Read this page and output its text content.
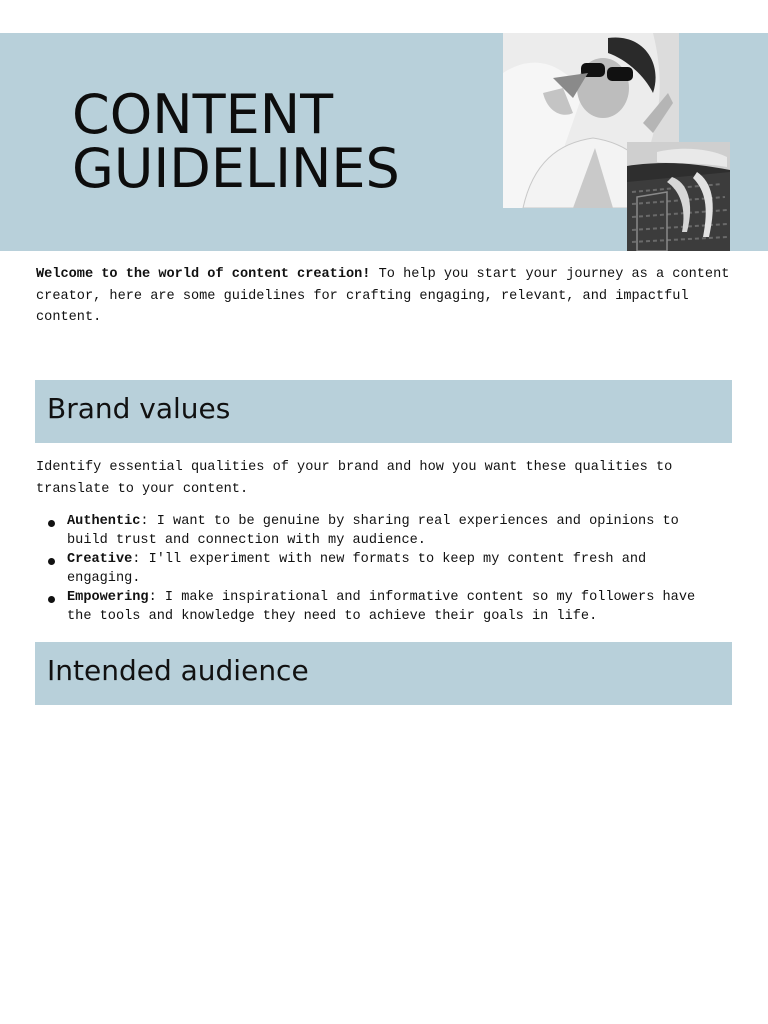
CONTENT
GUIDELINES

Welcome to the world of content creation! To help you start your journey as a content creator, here are some guidelines for crafting engaging, relevant, and impactful content.

Brand values

Identify essential qualities of your brand and how you want these qualities to translate to your content.

Authentic: I want to be genuine by sharing real experiences and opinions to build trust and connection with my audience.
Creative: I'll experiment with new formats to keep my content fresh and engaging.
Empowering: I make inspirational and informative content so my followers have the tools and knowledge they need to achieve their goals in life.
Intended audience
